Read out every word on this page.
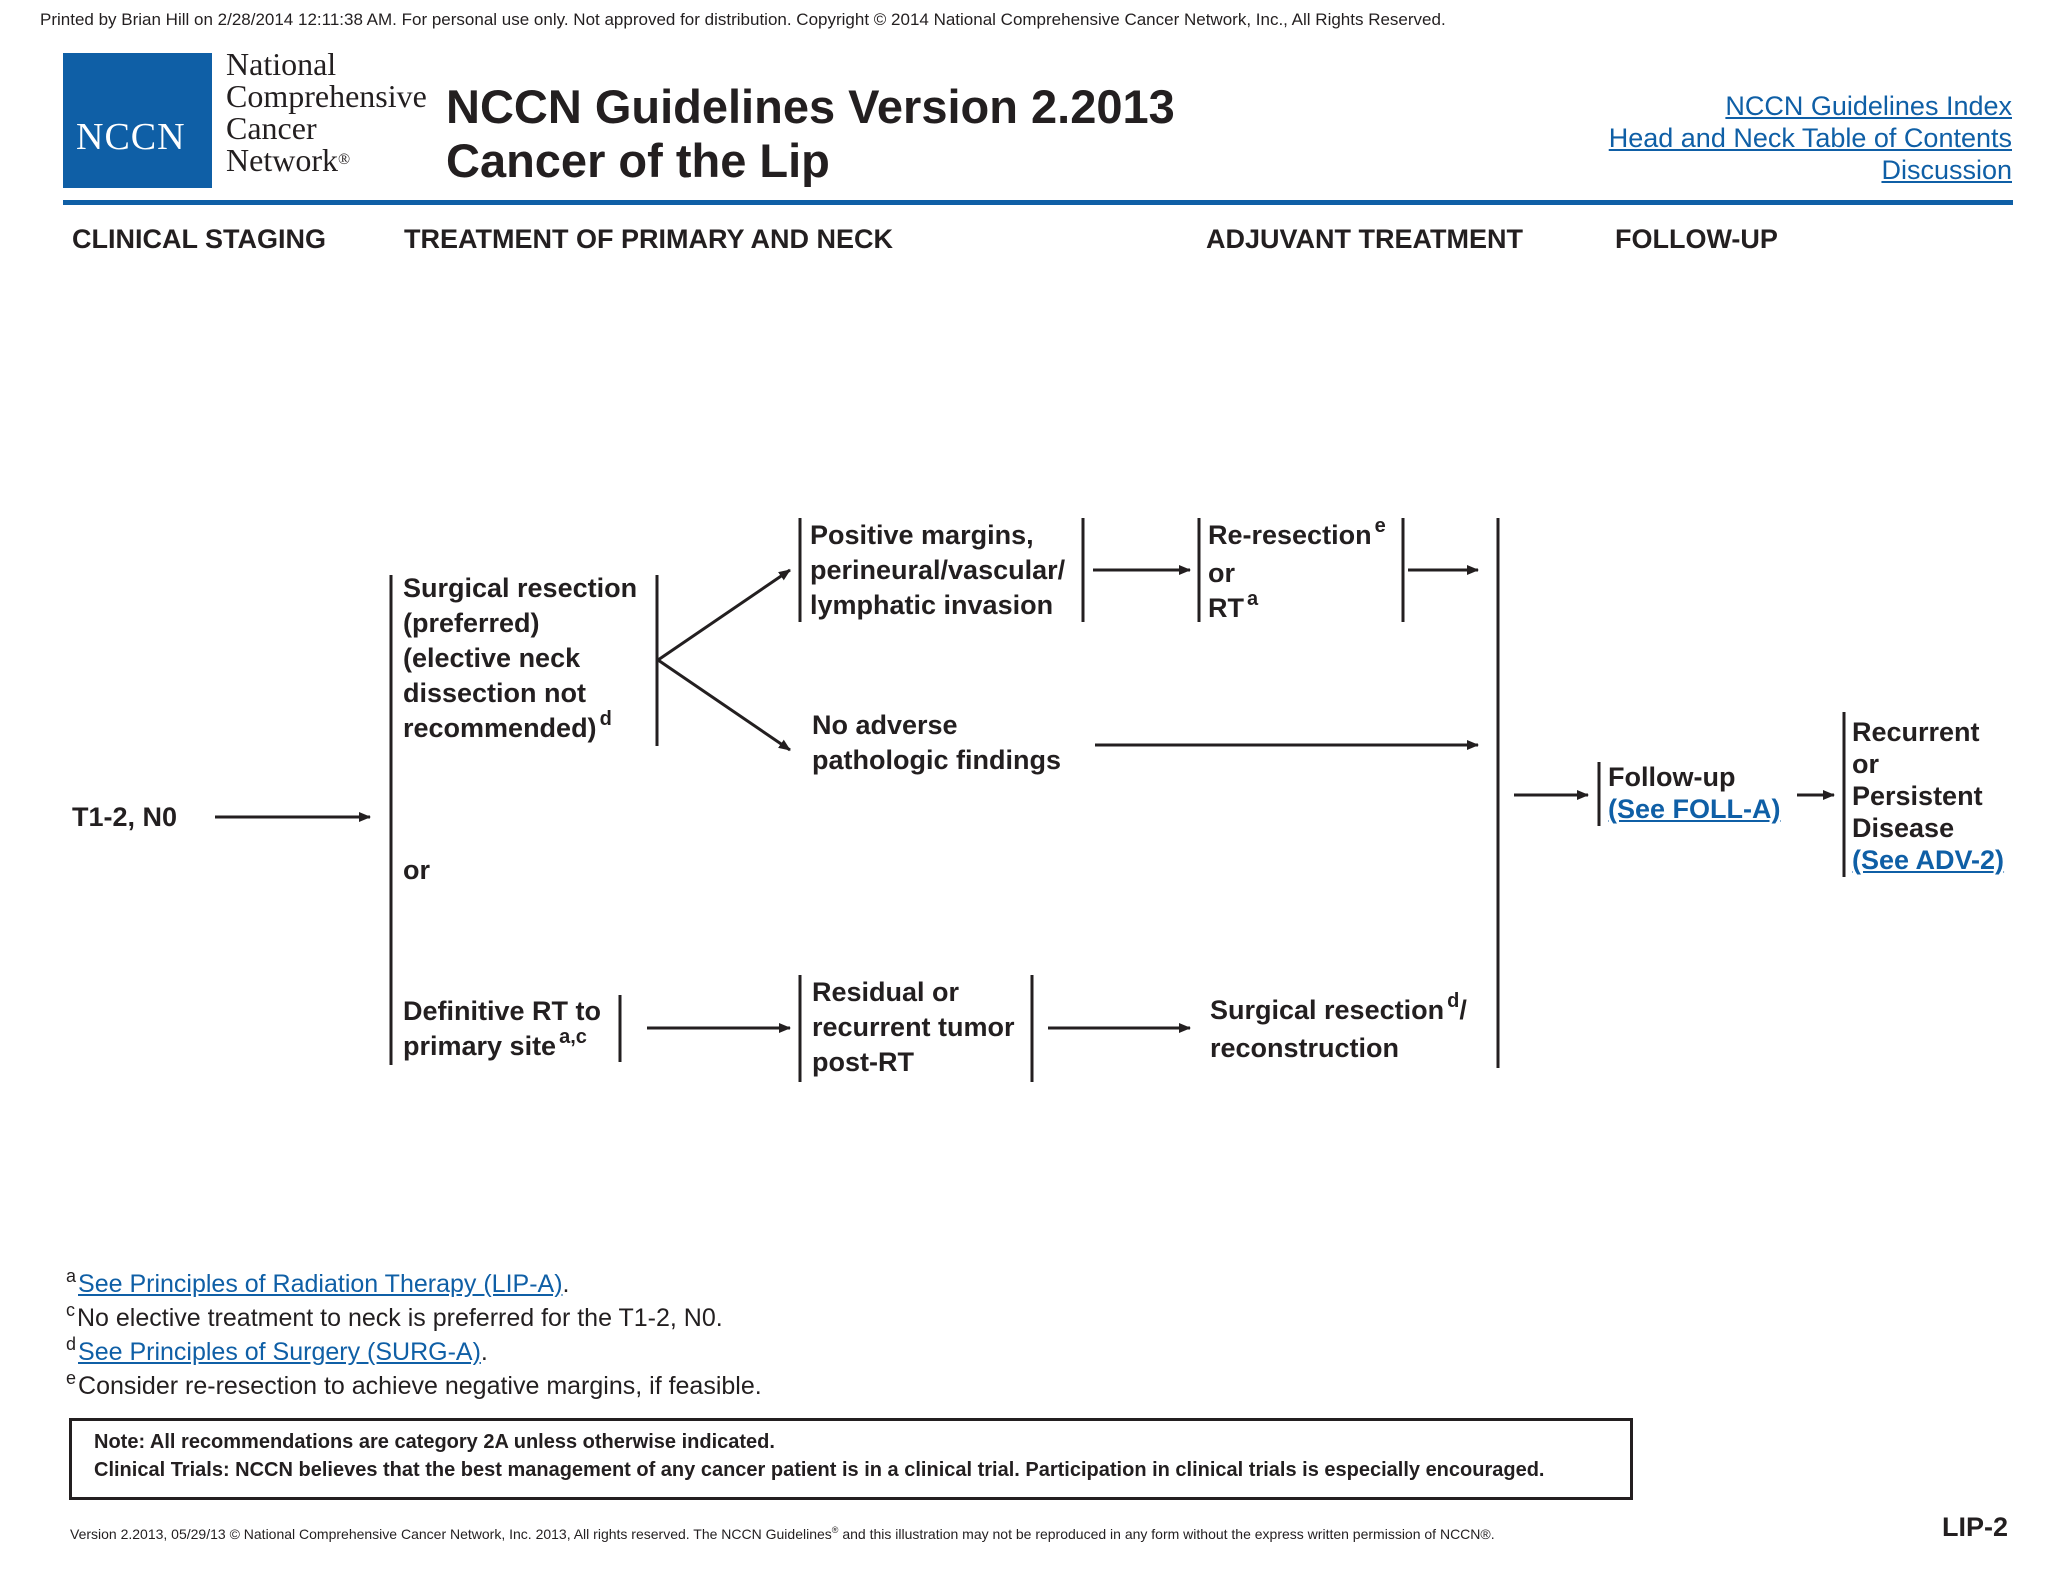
Printed by Brian Hill on 2/28/2014 12:11:38 AM. For personal use only. Not approved for distribution. Copyright © 2014 National Comprehensive Cancer Network, Inc., All Rights Reserved.
NCCN
National
Comprehensive
Cancer
Network®
NCCN Guidelines Version 2.2013
Cancer of the Lip
NCCN Guidelines Index
Head and Neck Table of Contents
Discussion
CLINICAL STAGING	TREATMENT OF PRIMARY AND NECK	ADJUVANT TREATMENT	FOLLOW-UP
T1-2, N0
Surgical resection
(preferred)
(elective neck
dissection not
recommended) $^d$
or
Definitive RT to
primary site $^{a,c}$
Positive margins,
perineural/vascular/
lymphatic invasion
Re-resection $^e$
or
RT $^a$
No adverse
pathologic findings
Residual or
recurrent tumor
post-RT
Surgical resection $^d$/
reconstruction
Follow-up
(See FOLL-A)
Recurrent
or
Persistent
Disease
(See ADV-2)
$^a$See Principles of Radiation Therapy (LIP-A).
$^c$No elective treatment to neck is preferred for the T1-2, N0.
$^d$See Principles of Surgery (SURG-A).
$^e$Consider re-resection to achieve negative margins, if feasible.
Note: All recommendations are category 2A unless otherwise indicated.
Clinical Trials: NCCN believes that the best management of any cancer patient is in a clinical trial. Participation in clinical trials is especially encouraged.
Version 2.2013, 05/29/13 © National Comprehensive Cancer Network, Inc. 2013, All rights reserved. The NCCN Guidelines® and this illustration may not be reproduced in any form without the express written permission of NCCN®.	LIP-2
